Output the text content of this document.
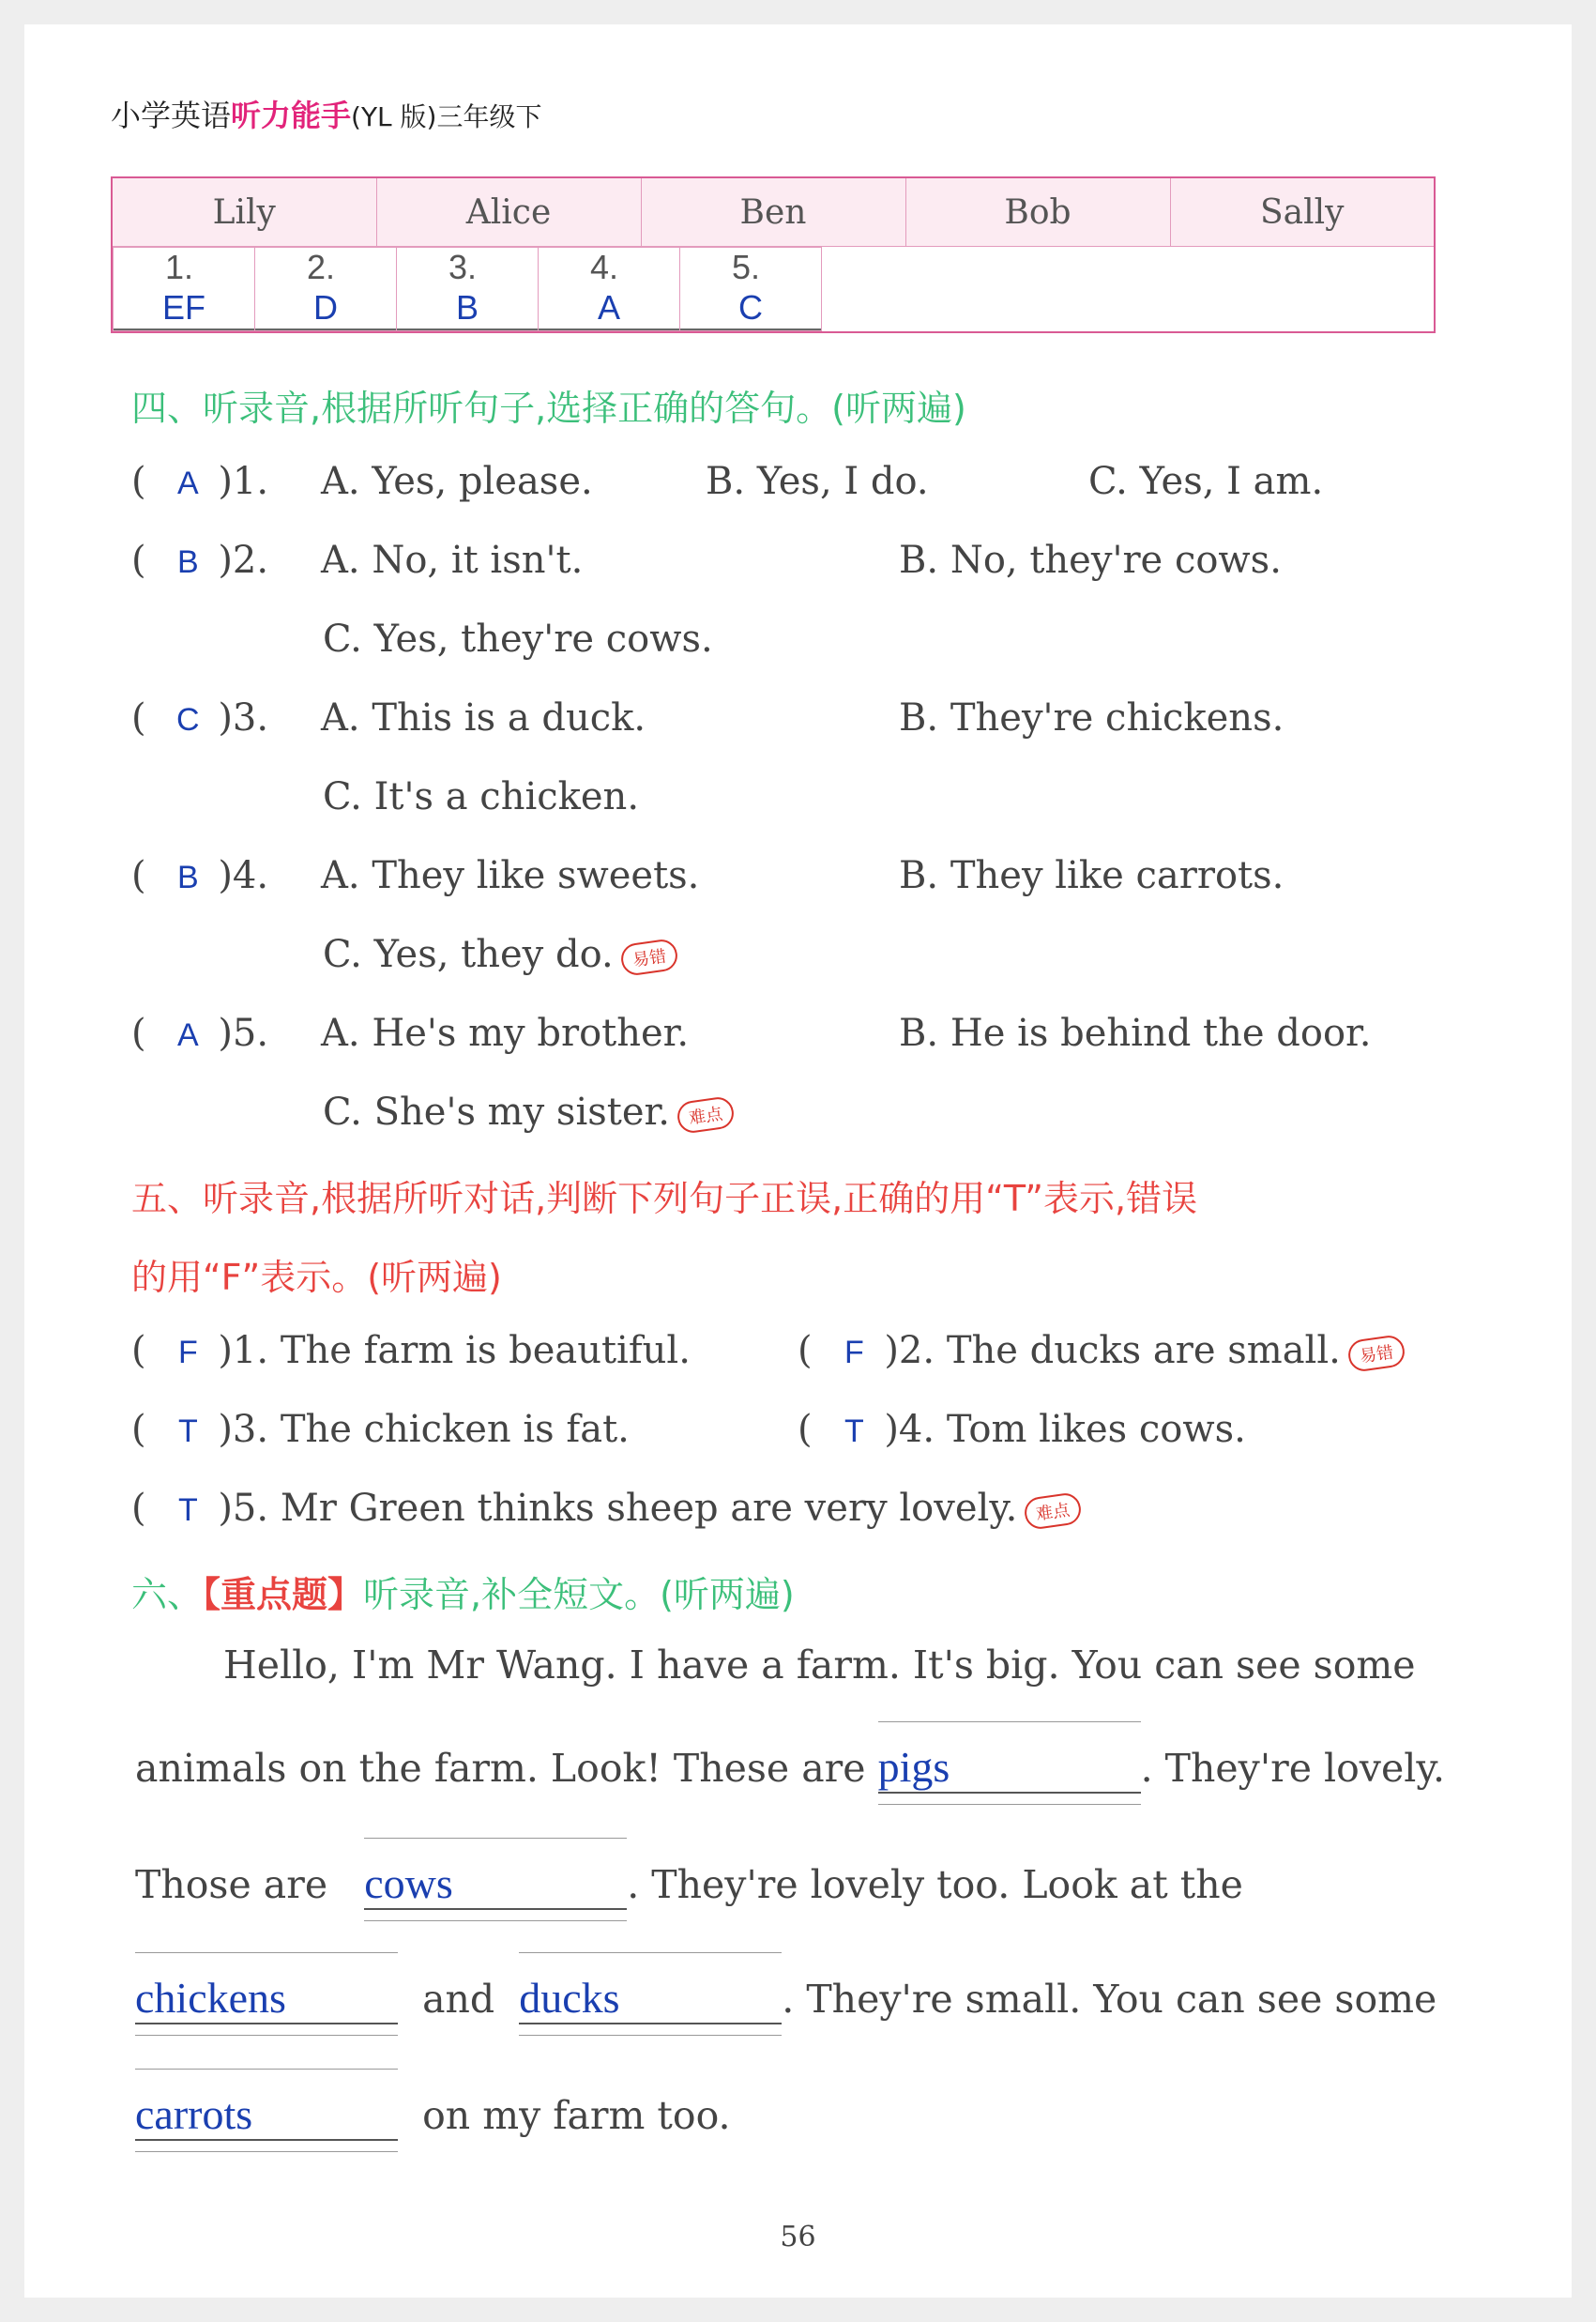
小学英语听力能手(YL 版)三年级下
Lily	Alice	Ben	Bob	Sally
1.EF	2.D	3.B	4.A	5.C
四、听录音,根据所听句子,选择正确的答句。(听两遍)
( A )1. A. Yes, please.	B. Yes, I do.	C. Yes, I am.
( B )2. A. No, it isn't.	B. No, they're cows.
C. Yes, they're cows.
( C )3. A. This is a duck.	B. They're chickens.
C. It's a chicken.
( B )4. A. They like sweets.	B. They like carrots.
C. Yes, they do. 易错
( A )5. A. He's my brother.	B. He is behind the door.
C. She's my sister. 难点
五、听录音,根据所听对话,判断下列句子正误,正确的用“T”表示,错误
的用“F”表示。(听两遍)
( F )1. The farm is beautiful.	( F )2. The ducks are small. 易错
( T )3. The chicken is fat.	( T )4. Tom likes cows.
( T )5. Mr Green thinks sheep are very lovely. 难点
六、【重点题】听录音,补全短文。(听两遍)
Hello, I'm Mr Wang. I have a farm. It's big. You can see some
animals on the farm. Look! These are pigs	. They're lovely.
Those are cows	. They're lovely too. Look at the
chickens	and ducks	. They're small. You can see some
carrots	on my farm too.
56
